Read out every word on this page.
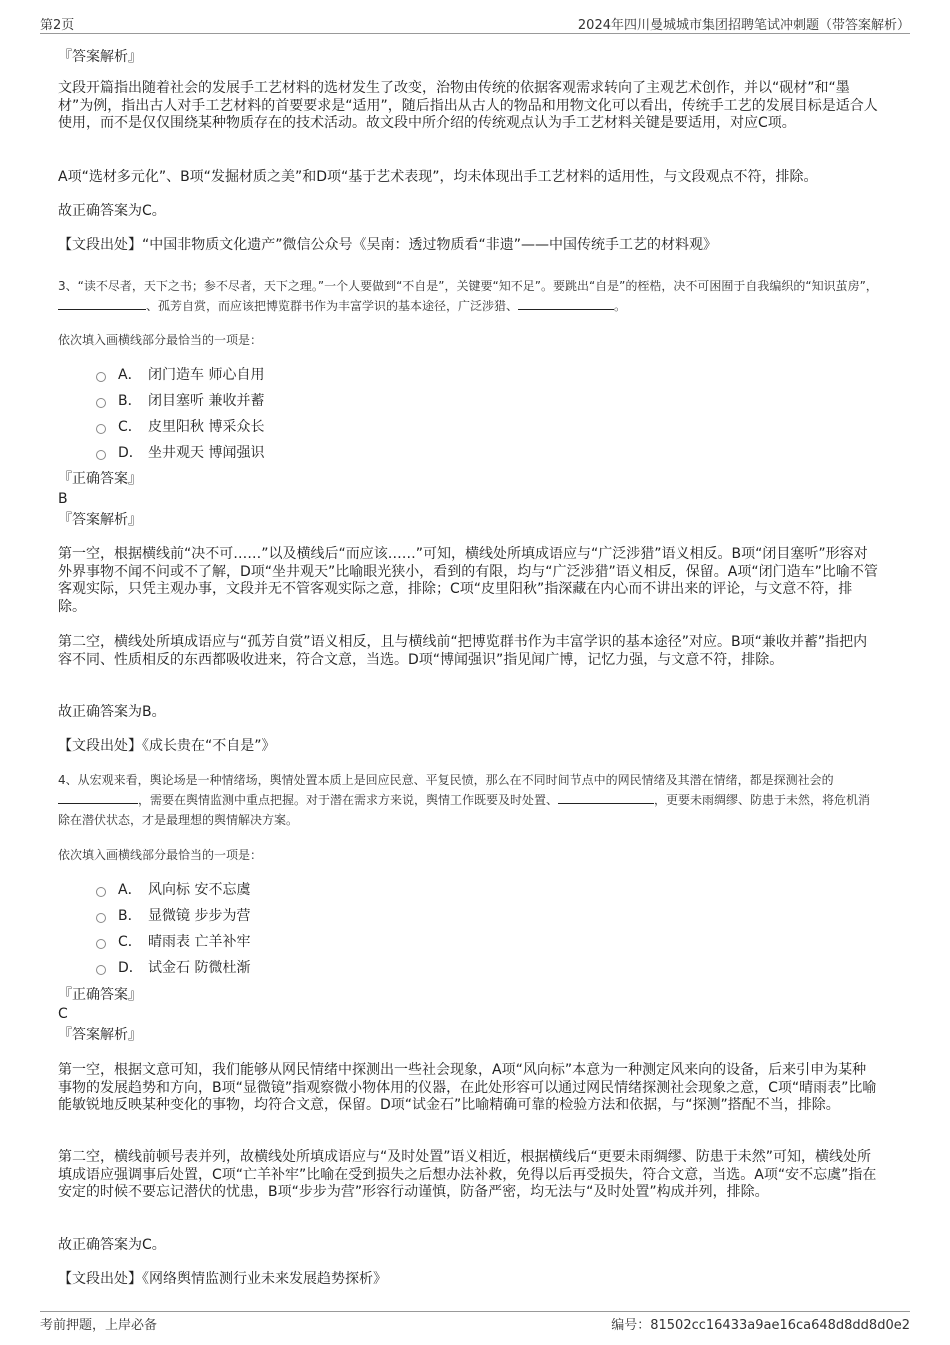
第2页	2024年四川曼城城市集团招聘笔试冲刺题（带答案解析）
『答案解析』
文段开篇指出随着社会的发展手工艺材料的选材发生了改变，治物由传统的依据客观需求转向了主观艺术创作，并以“砚材”和“墨材”为例，指出古人对手工艺材料的首要要求是“适用”，随后指出从古人的物品和用物文化可以看出，传统手工艺的发展目标是适合人使用，而不是仅仅围绕某种物质存在的技术活动。故文段中所介绍的传统观点认为手工艺材料关键是要适用，对应C项。
A项“选材多元化”、B项“发掘材质之美”和D项“基于艺术表现”，均未体现出手工艺材料的适用性，与文段观点不符，排除。
故正确答案为C。
【文段出处】“中国非物质文化遗产”微信公众号《吴南：透过物质看“非遗”——中国传统手工艺的材料观》
3、“读不尽者，天下之书；参不尽者，天下之理。”一个人要做到“不自是”，关键要“知不足”。要跳出“自是”的桎梏，决不可困囿于自我编织的“知识茧房”，、孤芳自赏，而应该把博览群书作为丰富学识的基本途径，广泛涉猎、	。
依次填入画横线部分最恰当的一项是：
A． 闭门造车 师心自用
B． 闭目塞听 兼收并蓄
C． 皮里阳秋 博采众长
D． 坐井观天 博闻强识
『正确答案』
B
『答案解析』
第一空，根据横线前“决不可……”以及横线后“而应该……”可知，横线处所填成语应与“广泛涉猎”语义相反。B项“闭目塞听”形容对外界事物不闻不问或不了解，D项“坐井观天”比喻眼光狭小，看到的有限，均与“广泛涉猎”语义相反，保留。A项“闭门造车”比喻不管客观实际，只凭主观办事，文段并无不管客观实际之意，排除；C项“皮里阳秋”指深藏在内心而不讲出来的评论，与文意不符，排除。
第二空，横线处所填成语应与“孤芳自赏”语义相反，且与横线前“把博览群书作为丰富学识的基本途径”对应。B项“兼收并蓄”指把内容不同、性质相反的东西都吸收进来，符合文意，当选。D项“博闻强识”指见闻广博，记忆力强，与文意不符，排除。
故正确答案为B。
【文段出处】《成长贵在“不自是”》
4、从宏观来看，舆论场是一种情绪场，舆情处置本质上是回应民意、平复民愤，那么在不同时间节点中的网民情绪及其潜在情绪，都是探测社会的，需要在舆情监测中重点把握。对于潜在需求方来说，舆情工作既要及时处置、	，更要未雨绸缪、防患于未然，将危机消除在潜伏状态，才是最理想的舆情解决方案。
依次填入画横线部分最恰当的一项是：
A． 风向标 安不忘虞
B． 显微镜 步步为营
C． 晴雨表 亡羊补牢
D． 试金石 防微杜渐
『正确答案』
C
『答案解析』
第一空，根据文意可知，我们能够从网民情绪中探测出一些社会现象，A项“风向标”本意为一种测定风来向的设备，后来引申为某种事物的发展趋势和方向，B项“显微镜”指观察微小物体用的仪器，在此处形容可以通过网民情绪探测社会现象之意，C项“晴雨表”比喻能敏锐地反映某种变化的事物，均符合文意，保留。D项“试金石”比喻精确可靠的检验方法和依据，与“探测”搭配不当，排除。
第二空，横线前顿号表并列，故横线处所填成语应与“及时处置”语义相近，根据横线后“更要未雨绸缪、防患于未然”可知，横线处所填成语应强调事后处置，C项“亡羊补牢”比喻在受到损失之后想办法补救，免得以后再受损失，符合文意，当选。A项“安不忘虞”指在安定的时候不要忘记潜伏的忧患，B项“步步为营”形容行动谨慎，防备严密，均无法与“及时处置”构成并列，排除。
故正确答案为C。
【文段出处】《网络舆情监测行业未来发展趋势探析》
考前押题，上岸必备	编号：81502cc16433a9ae16ca648d8dd8d0e2
